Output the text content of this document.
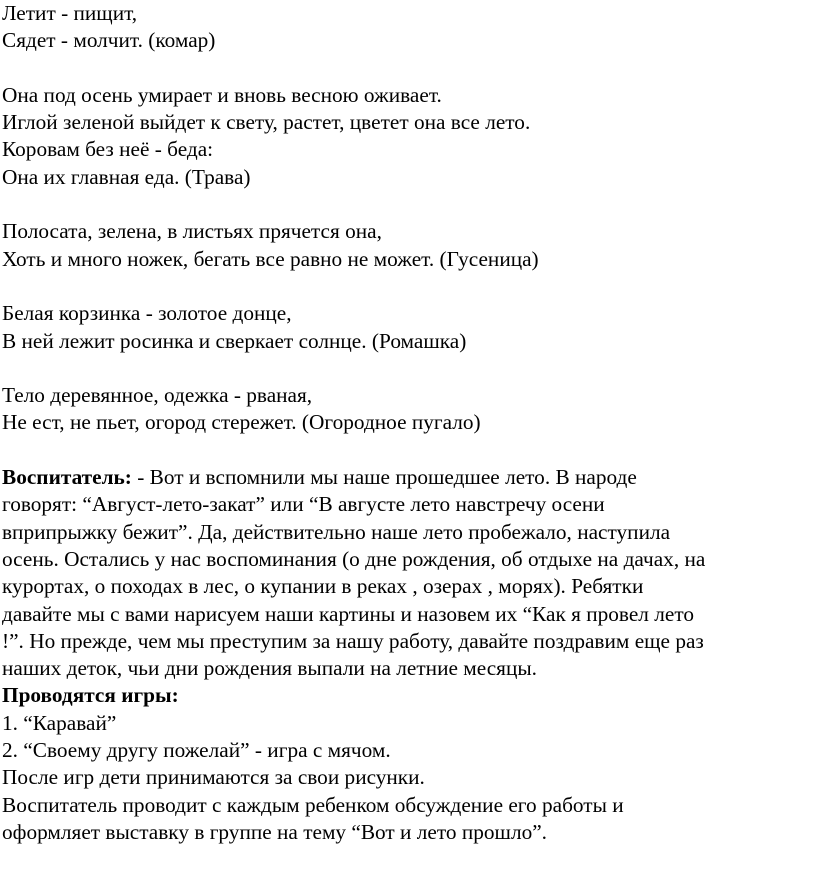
Летит - пищит,
Сядет - молчит. (комар)
Она под осень умирает и вновь весною оживает.
Иглой зеленой выйдет к свету, растет, цветет она все лето.
Коровам без неё - беда:
Она их главная еда. (Трава)
Полосата, зелена, в листьях прячется она,
Хоть и много ножек, бегать все равно не может. (Гусеница)
Белая корзинка - золотое донце,
В ней лежит росинка и сверкает солнце. (Ромашка)
Тело деревянное, одежка - рваная,
Не ест, не пьет, огород стережет. (Огородное пугало)
Воспитатель: - Вот и вспомнили мы наше прошедшее лето. В народе
говорят: “Август-лето-закат” или “В августе лето навстречу осени
вприпрыжку бежит”. Да, действительно наше лето пробежало, наступила
осень. Остались у нас воспоминания (о дне рождения, об отдыхе на дачах, на
курортах, о походах в лес, о купании в реках , озерах , морях). Ребятки
давайте мы с вами нарисуем наши картины и назовем их “Как я провел лето
!”. Но прежде, чем мы преступим за нашу работу, давайте поздравим еще раз
наших деток, чьи дни рождения выпали на летние месяцы.
Проводятся игры:
1. “Каравай”
2. “Своему другу пожелай” - игра с мячом.
После игр дети принимаются за свои рисунки.
Воспитатель проводит с каждым ребенком обсуждение его работы и
оформляет выставку в группе на тему “Вот и лето прошло”.
